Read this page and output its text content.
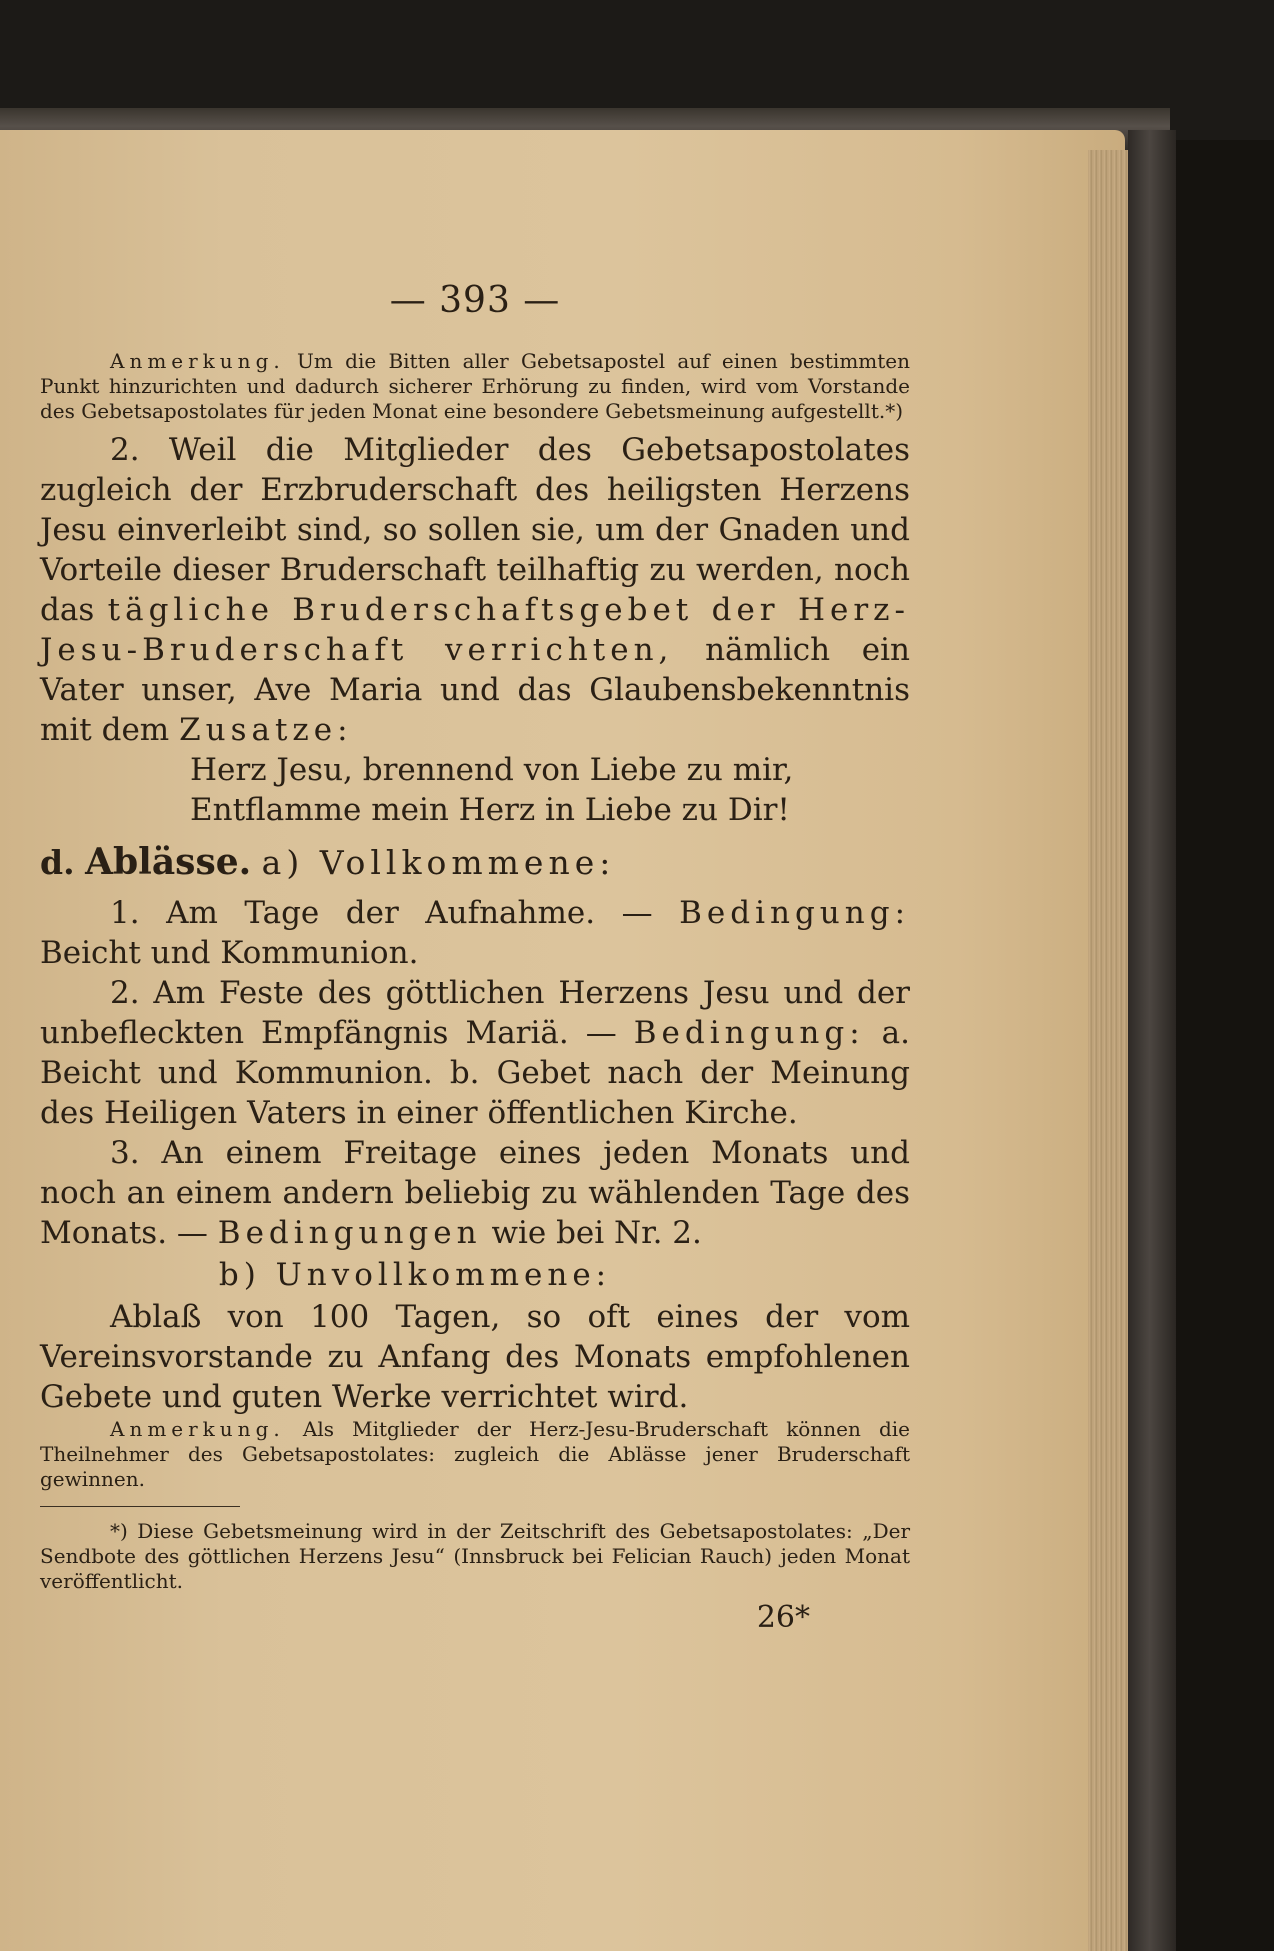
— 393 —

Anmerkung. Um die Bitten aller Gebetsapostel auf einen bestimmten Punkt hinzurichten und dadurch sicherer Erhörung zu finden, wird vom Vorstande des Gebetsapostolates für jeden Monat eine besondere Gebetsmeinung aufgestellt.*)

2. Weil die Mitglieder des Gebetsapostolates zugleich der Erzbruderschaft des heiligsten Herzens Jesu einverleibt sind, so sollen sie, um der Gnaden und Vorteile dieser Bruderschaft teilhaftig zu werden, noch das tägliche Bruderschaftsgebet der Herz-Jesu-Bruderschaft verrichten, nämlich ein Vater unser, Ave Maria und das Glaubensbekenntnis mit dem Zusatze:

Herz Jesu, brennend von Liebe zu mir,

Entflamme mein Herz in Liebe zu Dir!

d. Ablässe. a) Vollkommene:

1. Am Tage der Aufnahme. — Bedingung: Beicht und Kommunion.

2. Am Feste des göttlichen Herzens Jesu und der unbefleckten Empfängnis Mariä. — Bedingung: a. Beicht und Kommunion. b. Gebet nach der Meinung des Heiligen Vaters in einer öffentlichen Kirche.

3. An einem Freitage eines jeden Monats und noch an einem andern beliebig zu wählenden Tage des Monats. — Bedingungen wie bei Nr. 2.

b) Unvollkommene:

Ablaß von 100 Tagen, so oft eines der vom Vereinsvorstande zu Anfang des Monats empfohlenen Gebete und guten Werke verrichtet wird.

Anmerkung. Als Mitglieder der Herz-Jesu-Bruderschaft können die Theilnehmer des Gebetsapostolates: zugleich die Ablässe jener Bruderschaft gewinnen.

*) Diese Gebetsmeinung wird in der Zeitschrift des Gebetsapostolates: „Der Sendbote des göttlichen Herzens Jesu“ (Innsbruck bei Felician Rauch) jeden Monat veröffentlicht.

26*
